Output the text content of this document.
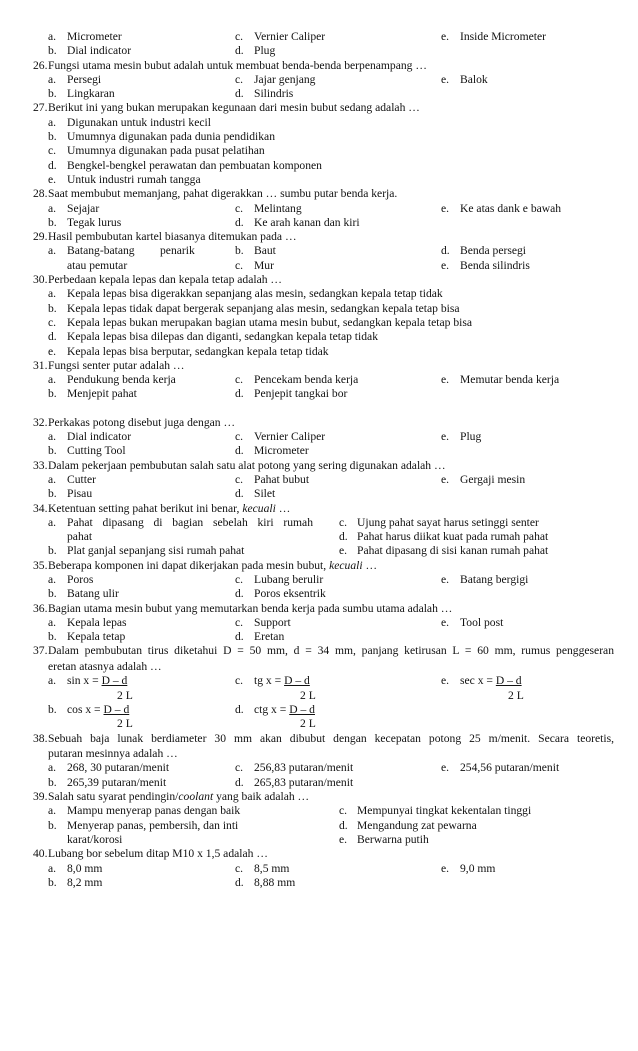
a. Micrometer	c. Vernier Caliper	e. Inside Micrometer
b. Dial indicator	d. Plug
26. Fungsi utama mesin bubut adalah untuk membuat benda-benda berpenampang …
a. Persegi	c. Jajar genjang	e. Balok
b. Lingkaran	d. Silindris
27. Berikut ini yang bukan merupakan kegunaan dari mesin bubut sedang adalah …
a. Digunakan untuk industri kecil
b. Umumnya digunakan pada dunia pendidikan
c. Umumnya digunakan pada pusat pelatihan
d. Bengkel-bengkel perawatan dan pembuatan komponen
e. Untuk industri rumah tangga
28. Saat membubut memanjang, pahat digerakkan … sumbu putar benda kerja.
a. Sejajar	c. Melintang	e. Ke atas dank e bawah
b. Tegak lurus	d. Ke arah kanan dan kiri
29. Hasil pembubutan kartel biasanya ditemukan pada …
a. Batang-batang penarik	b. Baut	d. Benda persegi
atau pemutar	c. Mur	e. Benda silindris
30. Perbedaan kepala lepas dan kepala tetap adalah …
a. Kepala lepas bisa digerakkan sepanjang alas mesin, sedangkan kepala tetap tidak
b. Kepala lepas tidak dapat bergerak sepanjang alas mesin, sedangkan kepala tetap bisa
c. Kepala lepas bukan merupakan bagian utama mesin bubut, sedangkan kepala tetap bisa
d. Kepala lepas bisa dilepas dan diganti, sedangkan kepala tetap tidak
e. Kepala lepas bisa berputar, sedangkan kepala tetap tidak
31. Fungsi senter putar adalah …
a. Pendukung benda kerja	c. Pencekam benda kerja	e. Memutar benda kerja
b. Menjepit pahat	d. Penjepit tangkai bor
32. Perkakas potong disebut juga dengan …
a. Dial indicator	c. Vernier Caliper	e. Plug
b. Cutting Tool	d. Micrometer
33. Dalam pekerjaan pembubutan salah satu alat potong yang sering digunakan adalah …
a. Cutter	c. Pahat bubut	e. Gergaji mesin
b. Pisau	d. Silet
34. Ketentuan setting pahat berikut ini benar, kecuali …
a. Pahat dipasang di bagian sebelah kiri rumah c. Ujung pahat sayat harus setinggi senter
pahat	d. Pahat harus diikat kuat pada rumah pahat
b. Plat ganjal sepanjang sisi rumah pahat	e. Pahat dipasang di sisi kanan rumah pahat
35. Beberapa komponen ini dapat dikerjakan pada mesin bubut, kecuali …
a. Poros	c. Lubang berulir	e. Batang bergigi
b. Batang ulir	d. Poros eksentrik
36. Bagian utama mesin bubut yang memutarkan benda kerja pada sumbu utama adalah …
a. Kepala lepas	c. Support	e. Tool post
b. Kepala tetap	d. Eretan
37. Dalam pembubutan tirus diketahui D = 50 mm, d = 34 mm, panjang ketirusan L = 60 mm, rumus penggeseran
eretan atasnya adalah …
a. sin x = D – d	c. tg x = D – d	e. sec x = D – d
2 L	2 L	2 L
b. cos x = D – d	d. ctg x = D – d
2 L	2 L
38. Sebuah baja lunak berdiameter 30 mm akan dibubut dengan kecepatan potong 25 m/menit. Secara teoretis,
putaran mesinnya adalah …
a. 268, 30 putaran/menit	c. 256,83 putaran/menit	e. 254,56 putaran/menit
b. 265,39 putaran/menit	d. 265,83 putaran/menit
39. Salah satu syarat pendingin/coolant yang baik adalah …
a. Mampu menyerap panas dengan baik	c. Mempunyai tingkat kekentalan tinggi
b. Menyerap panas, pembersih, dan inti	d. Mengandung zat pewarna
karat/korosi	e. Berwarna putih
40. Lubang bor sebelum ditap M10 x 1,5 adalah …
a. 8,0 mm	c. 8,5 mm	e. 9,0 mm
b. 8,2 mm	d. 8,88 mm
